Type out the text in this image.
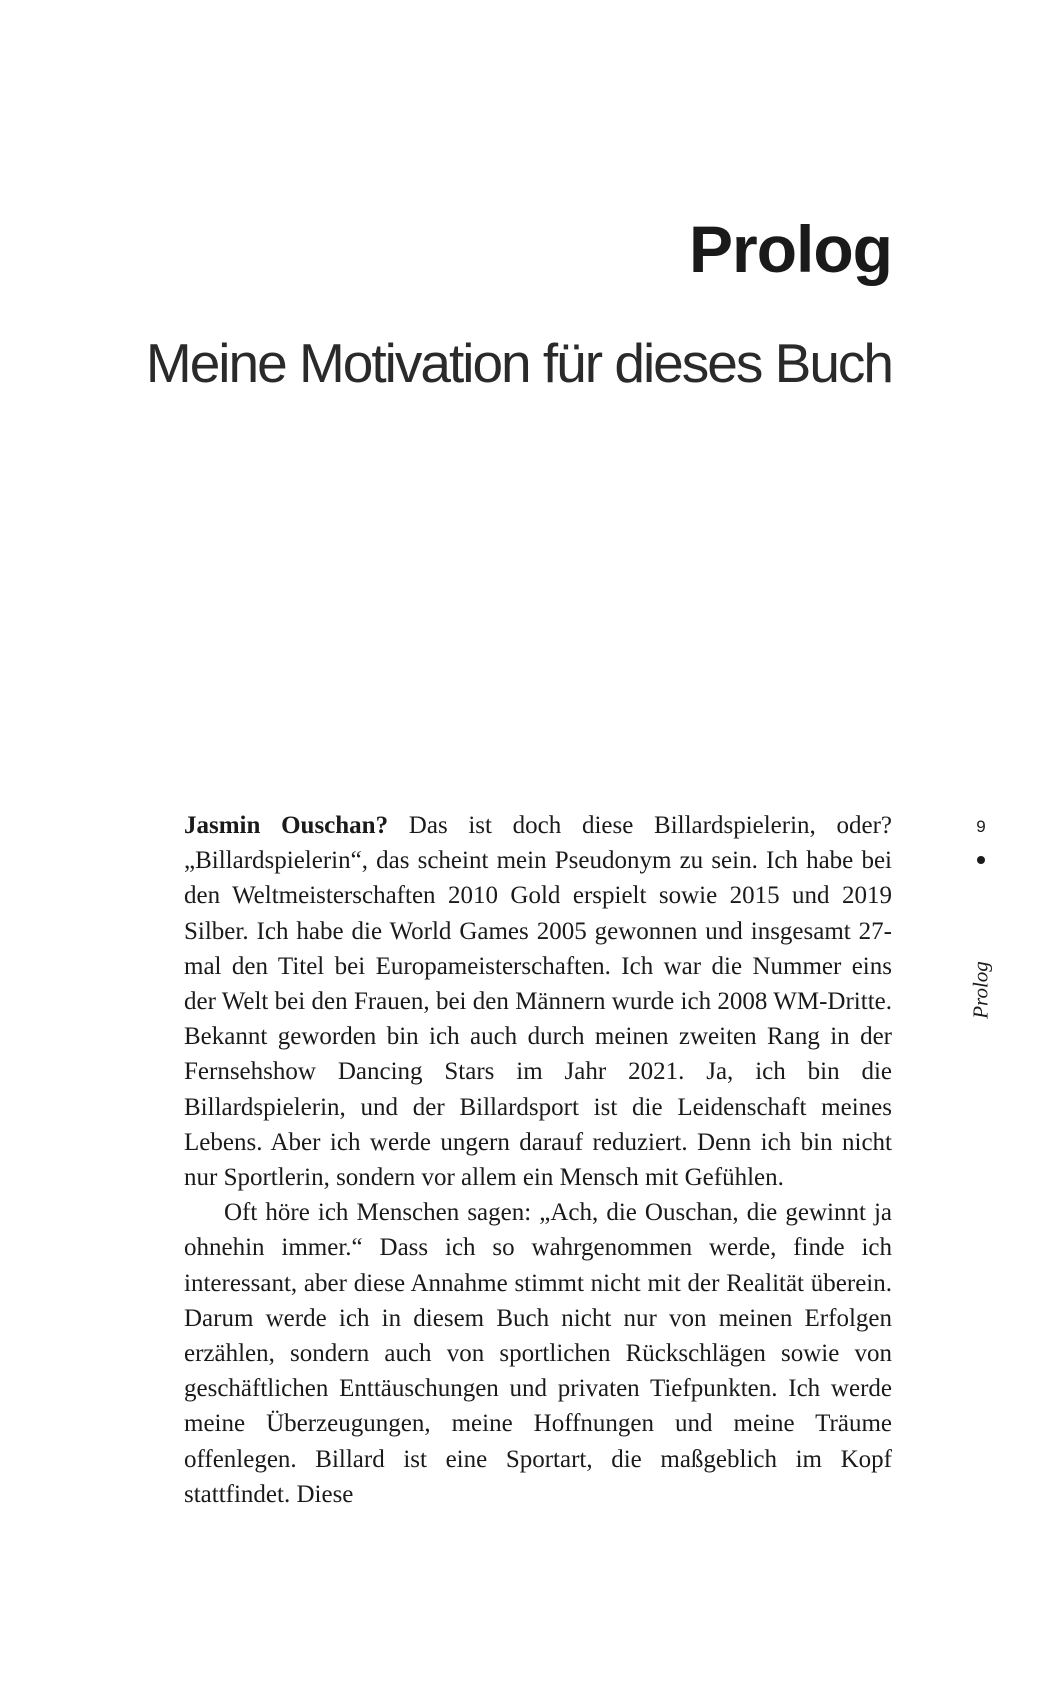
Prolog
Meine Motivation für dieses Buch

Jasmin Ouschan? Das ist doch diese Billardspielerin, oder? „Billardspielerin“, das scheint mein Pseudonym zu sein. Ich habe bei den Weltmeisterschaften 2010 Gold erspielt sowie 2015 und 2019 Silber. Ich habe die World Games 2005 gewonnen und insgesamt 27-mal den Titel bei Europameisterschaften. Ich war die Nummer eins der Welt bei den Frauen, bei den Männern wurde ich 2008 WM-Dritte. Bekannt geworden bin ich auch durch meinen zweiten Rang in der Fernsehshow Dancing Stars im Jahr 2021. Ja, ich bin die Billardspielerin, und der Billardsport ist die Leidenschaft meines Lebens. Aber ich werde ungern darauf reduziert. Denn ich bin nicht nur Sportlerin, sondern vor allem ein Mensch mit Gefühlen.

Oft höre ich Menschen sagen: „Ach, die Ouschan, die gewinnt ja ohnehin immer.“ Dass ich so wahrgenommen werde, finde ich interessant, aber diese Annahme stimmt nicht mit der Realität überein. Darum werde ich in diesem Buch nicht nur von meinen Erfolgen erzählen, sondern auch von sportlichen Rückschlägen sowie von geschäftlichen Enttäuschungen und privaten Tiefpunkten. Ich werde meine Überzeugungen, meine Hoffnungen und meine Träume offenlegen. Billard ist eine Sportart, die maßgeblich im Kopf stattfindet. Diese

9
Prolog
